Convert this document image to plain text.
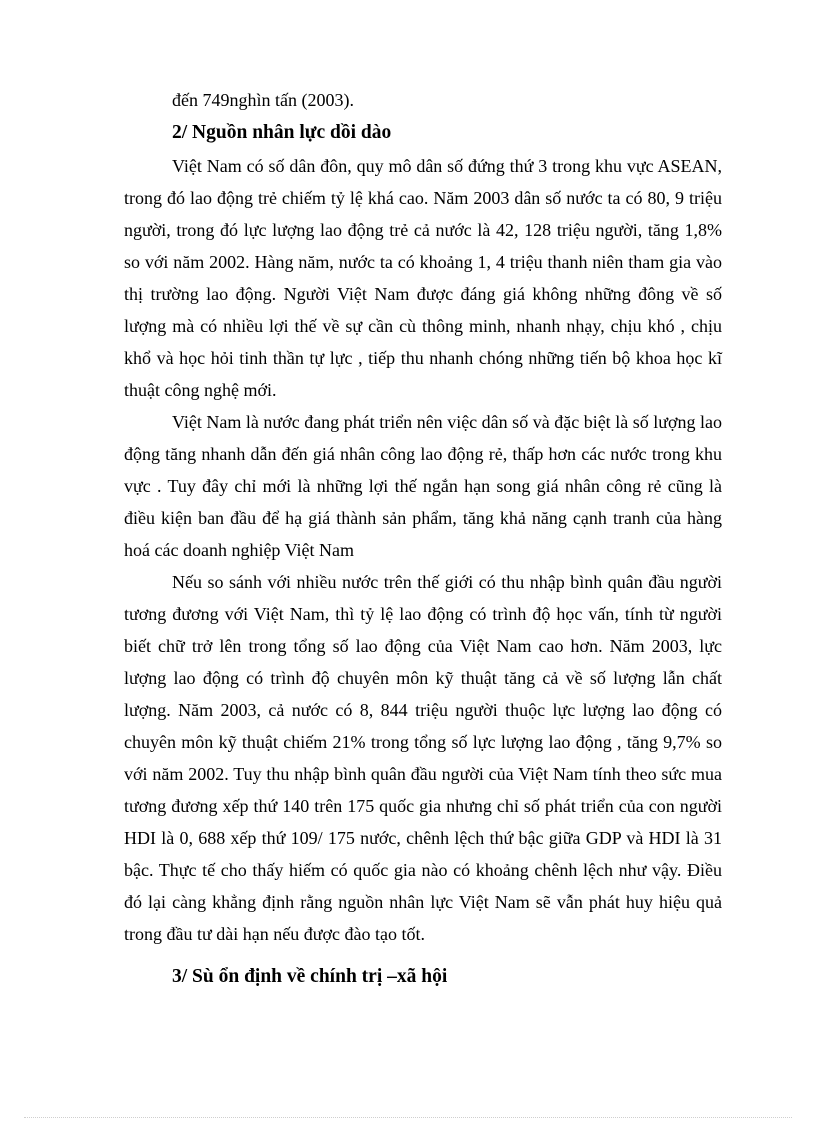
đến 749nghìn tấn (2003).

2/ Nguồn nhân lực dồi dào

Việt Nam có số dân đôn, quy mô dân số đứng thứ 3 trong khu vực ASEAN, trong đó lao động trẻ chiếm tỷ lệ khá cao. Năm 2003 dân số nước ta có 80, 9 triệu người, trong đó lực lượng lao động trẻ cả nước là 42, 128 triệu người, tăng 1,8% so với năm 2002. Hàng năm, nước ta có khoảng 1, 4 triệu thanh niên tham gia vào thị trường lao động. Người Việt Nam được đáng giá không những đông về số lượng mà có nhiều lợi thế về sự cần cù thông minh, nhanh nhạy, chịu khó , chịu khổ và học hỏi tinh thần tự lực , tiếp thu nhanh chóng những tiến bộ khoa học kĩ thuật công nghệ mới.

Việt Nam là nước đang phát triển nên việc dân số và đặc biệt là số lượng lao động tăng nhanh dẫn đến giá nhân công lao động rẻ, thấp hơn các nước trong khu vực . Tuy đây chỉ mới là những lợi thế ngắn hạn song giá nhân công rẻ cũng là điều kiện ban đầu để hạ giá thành sản phẩm, tăng khả năng cạnh tranh của hàng hoá các doanh nghiệp Việt Nam

Nếu so sánh với nhiều nước trên thế giới có thu nhập bình quân đầu người tương đương với Việt Nam, thì tỷ lệ lao động có trình độ học vấn, tính từ người biết chữ trở lên trong tổng số lao động của Việt Nam cao hơn. Năm 2003, lực lượng lao động có trình độ chuyên môn kỹ thuật tăng cả về số lượng lẫn chất lượng. Năm 2003, cả nước có 8, 844 triệu người thuộc lực lượng lao động có chuyên môn kỹ thuật chiếm 21% trong tổng số lực lượng lao động , tăng 9,7% so với năm 2002. Tuy thu nhập bình quân đầu người của Việt Nam tính theo sức mua tương đương xếp thứ 140 trên 175 quốc gia nhưng chỉ số phát triển của con người HDI là 0, 688 xếp thứ 109/ 175 nước, chênh lệch thứ bậc giữa GDP và HDI là 31 bậc. Thực tế cho thấy hiếm có quốc gia nào có khoảng chênh lệch như vậy. Điều đó lại càng khẳng định rằng nguồn nhân lực Việt Nam sẽ vẫn phát huy hiệu quả trong đầu tư dài hạn nếu được đào tạo tốt.

3/ Sù ổn định về chính trị –xã hội
